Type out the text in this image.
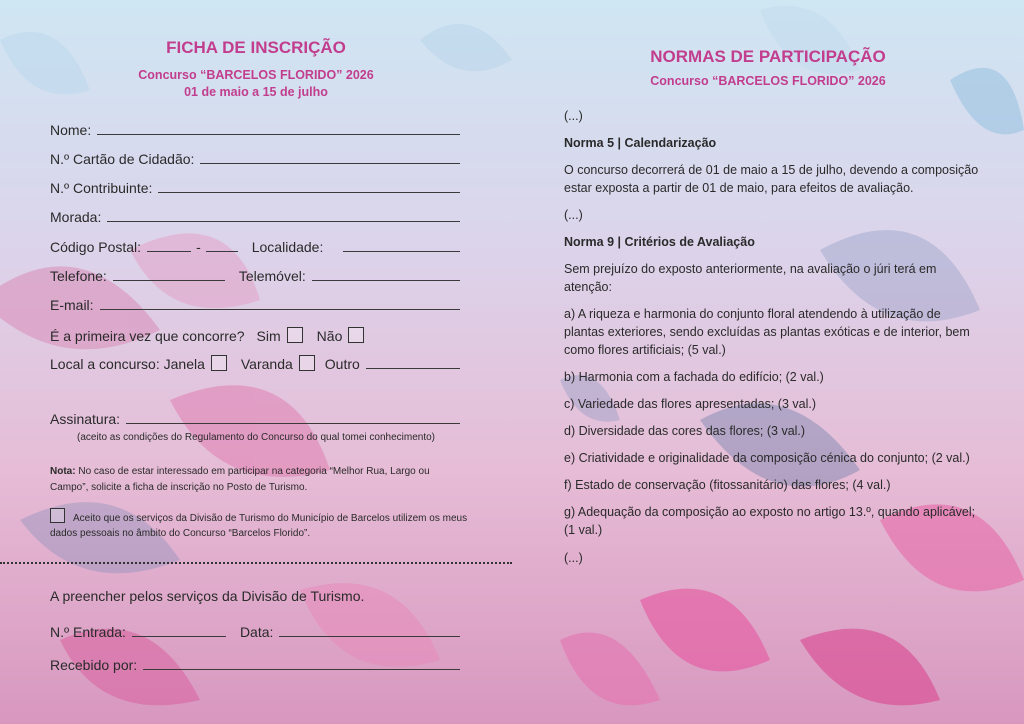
FICHA DE INSCRIÇÃO
Concurso “BARCELOS FLORIDO” 2026
01 de maio a 15 de julho
Nome:
N.º Cartão de Cidadão:
N.º Contribuinte:
Morada:
Código Postal:	-	Localidade:
Telefone:	Telemóvel:
E-mail:
É a primeira vez que concorre? Sim	Não
Local a concurso: Janela	Varanda Outro
Assinatura:
(aceito as condições do Regulamento do Concurso do qual tomei conhecimento)
Nota: No caso de estar interessado em participar na categoria “Melhor Rua, Largo ou Campo”, solicite a ficha de inscrição no Posto de Turismo.
Aceito que os serviços da Divisão de Turismo do Município de Barcelos utilizem os meus dados pessoais no âmbito do Concurso “Barcelos Florido”.
A preencher pelos serviços da Divisão de Turismo.
N.º Entrada:	Data:
Recebido por:
NORMAS DE PARTICIPAÇÃO
Concurso “BARCELOS FLORIDO” 2026
(...)
Norma 5 | Calendarização
O concurso decorrerá de 01 de maio a 15 de julho, devendo a composição estar exposta a partir de 01 de maio, para efeitos de avaliação.
(...)
Norma 9 | Critérios de Avaliação
Sem prejuízo do exposto anteriormente, na avaliação o júri terá em atenção:
a) A riqueza e harmonia do conjunto floral atendendo à utilização de plantas exteriores, sendo excluídas as plantas exóticas e de interior, bem como flores artificiais; (5 val.)
b) Harmonia com a fachada do edifício; (2 val.)
c) Variedade das flores apresentadas; (3 val.)
d) Diversidade das cores das flores; (3 val.)
e) Criatividade e originalidade da composição cénica do conjunto; (2 val.)
f) Estado de conservação (fitossanitário) das flores; (4 val.)
g) Adequação da composição ao exposto no artigo 13.º, quando aplicável; (1 val.)
(...)
